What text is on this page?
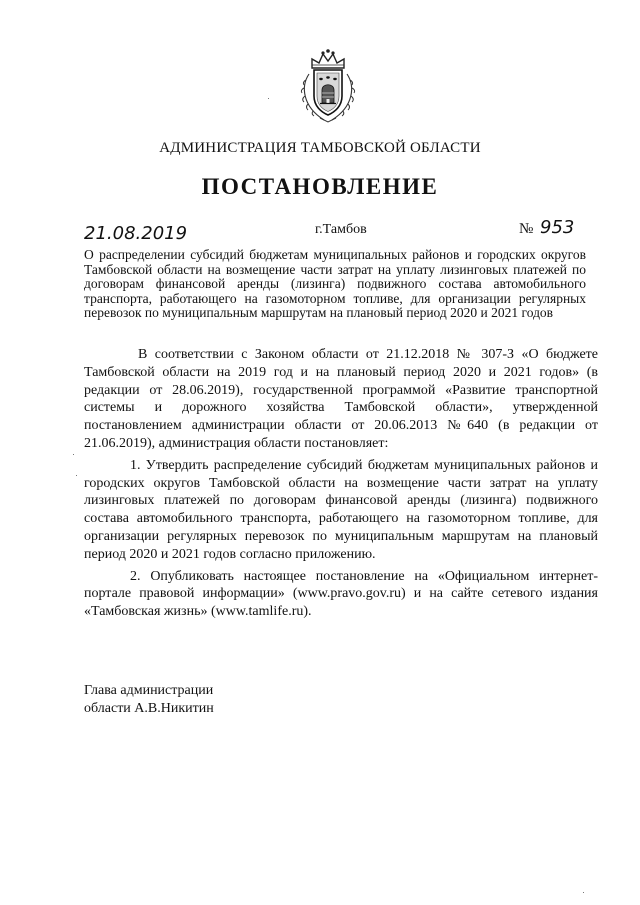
АДМИНИСТРАЦИЯ ТАМБОВСКОЙ ОБЛАСТИ
ПОСТАНОВЛЕНИЕ
21.08.2019	г.Тамбов	№ 953
О распределении субсидий бюджетам муниципальных районов и городских округов Тамбовской области на возмещение части затрат на уплату лизинговых платежей по договорам финансовой аренды (лизинга) подвижного состава автомобильного транспорта, работающего на газомоторном топливе, для организации регулярных перевозок по муниципальным маршрутам на плановый период 2020 и 2021 годов

В соответствии с Законом области от 21.12.2018 № 307-З «О бюджете Тамбовской области на 2019 год и на плановый период 2020 и 2021 годов» (в редакции от 28.06.2019), государственной программой «Развитие транспортной системы и дорожного хозяйства Тамбовской области», утвержденной постановлением администрации области от 20.06.2013 №640 (в редакции от 21.06.2019), администрация области постановляет:

1. Утвердить распределение субсидий бюджетам муниципальных районов и городских округов Тамбовской области на возмещение части затрат на уплату лизинговых платежей по договорам финансовой аренды (лизинга) подвижного состава автомобильного транспорта, работающего на газомоторном топливе, для организации регулярных перевозок по муниципальным маршрутам на плановый период 2020 и 2021 годов согласно приложению.

2. Опубликовать настоящее постановление на «Официальном интернет-портале правовой информации» (www.pravo.gov.ru) и на сайте сетевого издания «Тамбовская жизнь» (www.tamlife.ru).

Глава администрации
области А.В.Никитин
